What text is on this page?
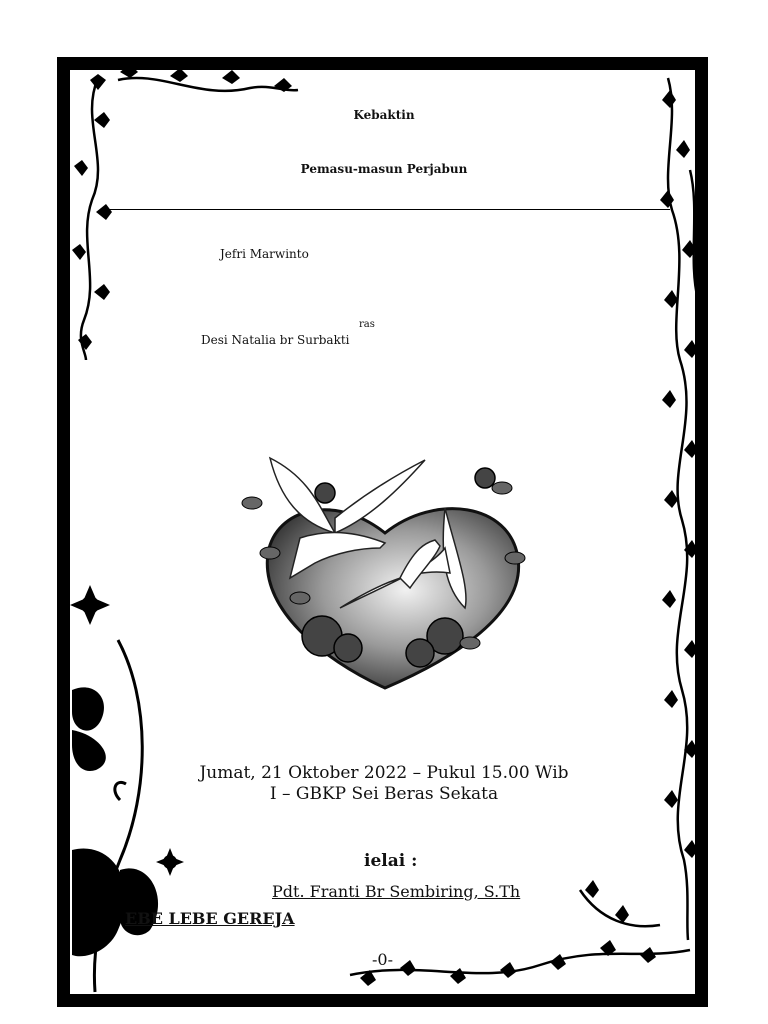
Kebaktin
Pemasu-masun Perjabun
Jefri Marwinto
ras
Desi Natalia br Surbakti
Jumat, 21 Oktober 2022 – Pukul 15.00 Wib
I – GBKP Sei Beras Sekata
ielai :
Pdt. Franti Br Sembiring, S.Th
EBE LEBE GEREJA
-0-
